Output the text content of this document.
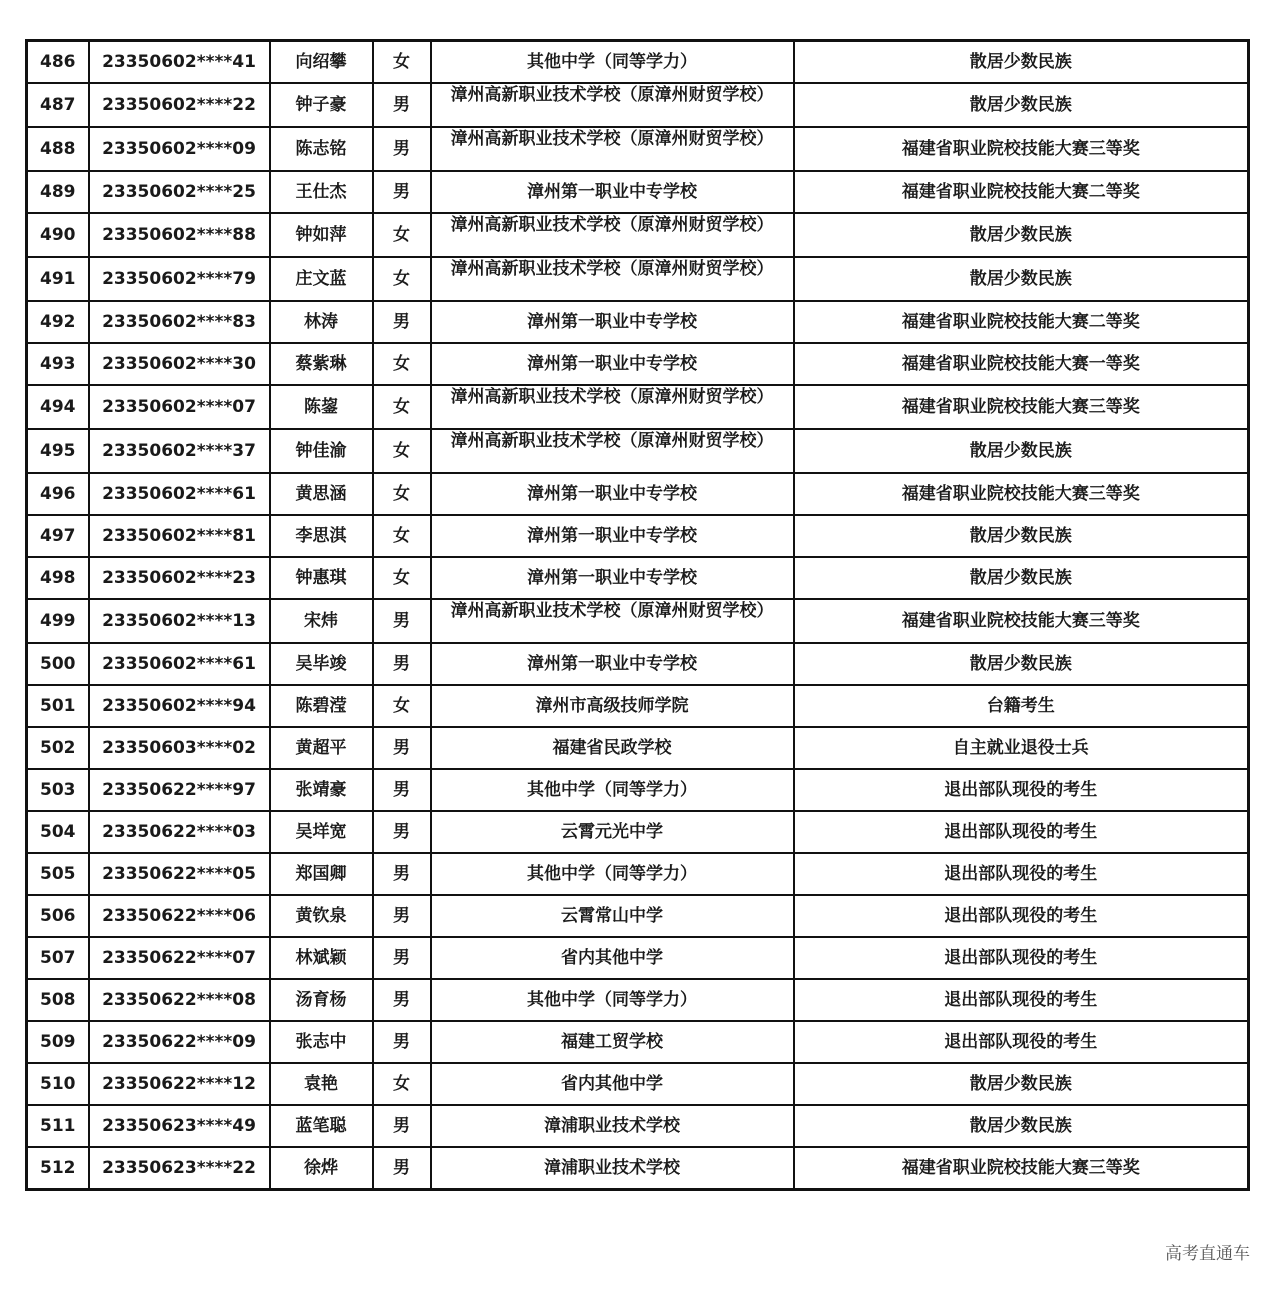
486	23350602****41	向绍攀	女	其他中学（同等学力）	散居少数民族
487	23350602****22	钟子豪	男	漳州高新职业技术学校（原漳州财贸学校）	散居少数民族
488	23350602****09	陈志铭	男	漳州高新职业技术学校（原漳州财贸学校）	福建省职业院校技能大赛三等奖
489	23350602****25	王仕杰	男	漳州第一职业中专学校	福建省职业院校技能大赛二等奖
490	23350602****88	钟如萍	女	漳州高新职业技术学校（原漳州财贸学校）	散居少数民族
491	23350602****79	庄文蓝	女	漳州高新职业技术学校（原漳州财贸学校）	散居少数民族
492	23350602****83	林涛	男	漳州第一职业中专学校	福建省职业院校技能大赛二等奖
493	23350602****30	蔡紫琳	女	漳州第一职业中专学校	福建省职业院校技能大赛一等奖
494	23350602****07	陈鋆	女	漳州高新职业技术学校（原漳州财贸学校）	福建省职业院校技能大赛三等奖
495	23350602****37	钟佳渝	女	漳州高新职业技术学校（原漳州财贸学校）	散居少数民族
496	23350602****61	黄思涵	女	漳州第一职业中专学校	福建省职业院校技能大赛三等奖
497	23350602****81	李思淇	女	漳州第一职业中专学校	散居少数民族
498	23350602****23	钟惠琪	女	漳州第一职业中专学校	散居少数民族
499	23350602****13	宋炜	男	漳州高新职业技术学校（原漳州财贸学校）	福建省职业院校技能大赛三等奖
500	23350602****61	吴毕竣	男	漳州第一职业中专学校	散居少数民族
501	23350602****94	陈碧滢	女	漳州市高级技师学院	台籍考生
502	23350603****02	黄超平	男	福建省民政学校	自主就业退役士兵
503	23350622****97	张靖豪	男	其他中学（同等学力）	退出部队现役的考生
504	23350622****03	吴垟宽	男	云霄元光中学	退出部队现役的考生
505	23350622****05	郑国卿	男	其他中学（同等学力）	退出部队现役的考生
506	23350622****06	黄钦泉	男	云霄常山中学	退出部队现役的考生
507	23350622****07	林斌颖	男	省内其他中学	退出部队现役的考生
508	23350622****08	汤育杨	男	其他中学（同等学力）	退出部队现役的考生
509	23350622****09	张志中	男	福建工贸学校	退出部队现役的考生
510	23350622****12	袁艳	女	省内其他中学	散居少数民族
511	23350623****49	蓝笔聪	男	漳浦职业技术学校	散居少数民族
512	23350623****22	徐烨	男	漳浦职业技术学校	福建省职业院校技能大赛三等奖
高考直通车
